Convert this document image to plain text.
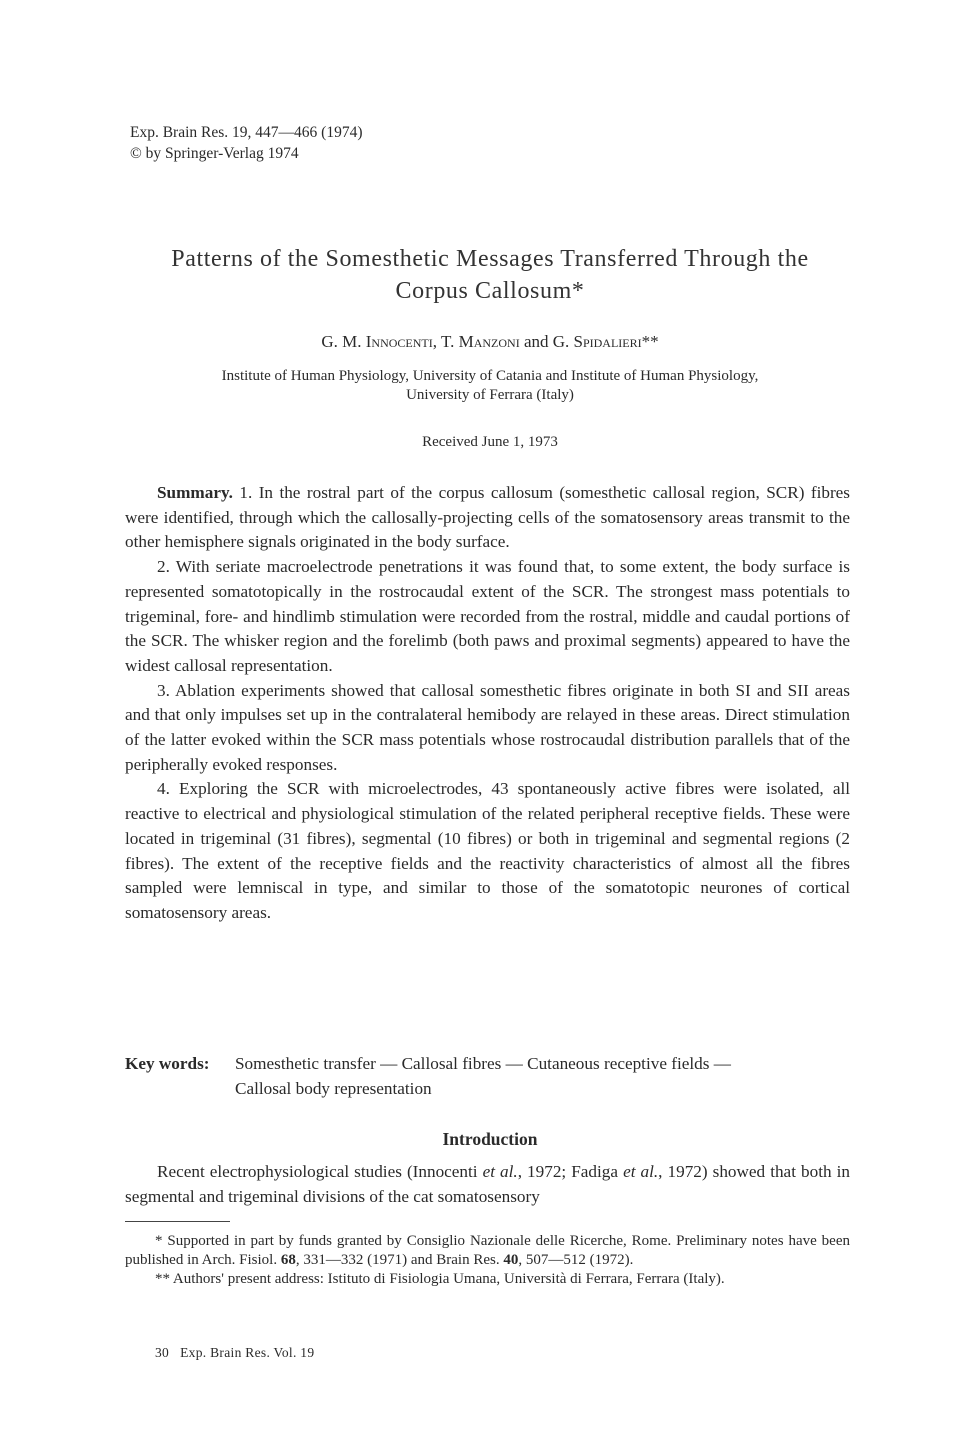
Exp. Brain Res. 19, 447—466 (1974)
© by Springer-Verlag 1974
Patterns of the Somesthetic Messages Transferred Through the
Corpus Callosum*
G. M. Innocenti, T. Manzoni and G. Spidalieri**
Institute of Human Physiology, University of Catania and Institute of Human Physiology,
University of Ferrara (Italy)
Received June 1, 1973

Summary. 1. In the rostral part of the corpus callosum (somesthetic callosal region, SCR) fibres were identified, through which the callosally-projecting cells of the somatosensory areas transmit to the other hemisphere signals originated in the body surface.

2. With seriate macroelectrode penetrations it was found that, to some extent, the body surface is represented somatotopically in the rostrocaudal extent of the SCR. The strongest mass potentials to trigeminal, fore- and hindlimb stimulation were recorded from the rostral, middle and caudal portions of the SCR. The whisker region and the forelimb (both paws and proximal segments) appeared to have the widest callosal representation.

3. Ablation experiments showed that callosal somesthetic fibres originate in both SI and SII areas and that only impulses set up in the contralateral hemibody are relayed in these areas. Direct stimulation of the latter evoked within the SCR mass potentials whose rostrocaudal distribution parallels that of the peripherally evoked responses.

4. Exploring the SCR with microelectrodes, 43 spontaneously active fibres were isolated, all reactive to electrical and physiological stimulation of the related peripheral receptive fields. These were located in trigeminal (31 fibres), segmental (10 fibres) or both in trigeminal and segmental regions (2 fibres). The extent of the receptive fields and the reactivity characteristics of almost all the fibres sampled were lemniscal in type, and similar to those of the somatotopic neurones of cortical somatosensory areas.

Key words: Somesthetic transfer — Callosal fibres — Cutaneous receptive fields —
Callosal body representation
Introduction

Recent electrophysiological studies (Innocenti et al., 1972; Fadiga et al., 1972) showed that both in segmental and trigeminal divisions of the cat somatosensory

* Supported in part by funds granted by Consiglio Nazionale delle Ricerche, Rome. Preliminary notes have been published in Arch. Fisiol. 68, 331—332 (1971) and Brain Res. 40, 507—512 (1972).

** Authors' present address: Istituto di Fisiologia Umana, Università di Ferrara, Ferrara (Italy).

30   Exp. Brain Res. Vol. 19
